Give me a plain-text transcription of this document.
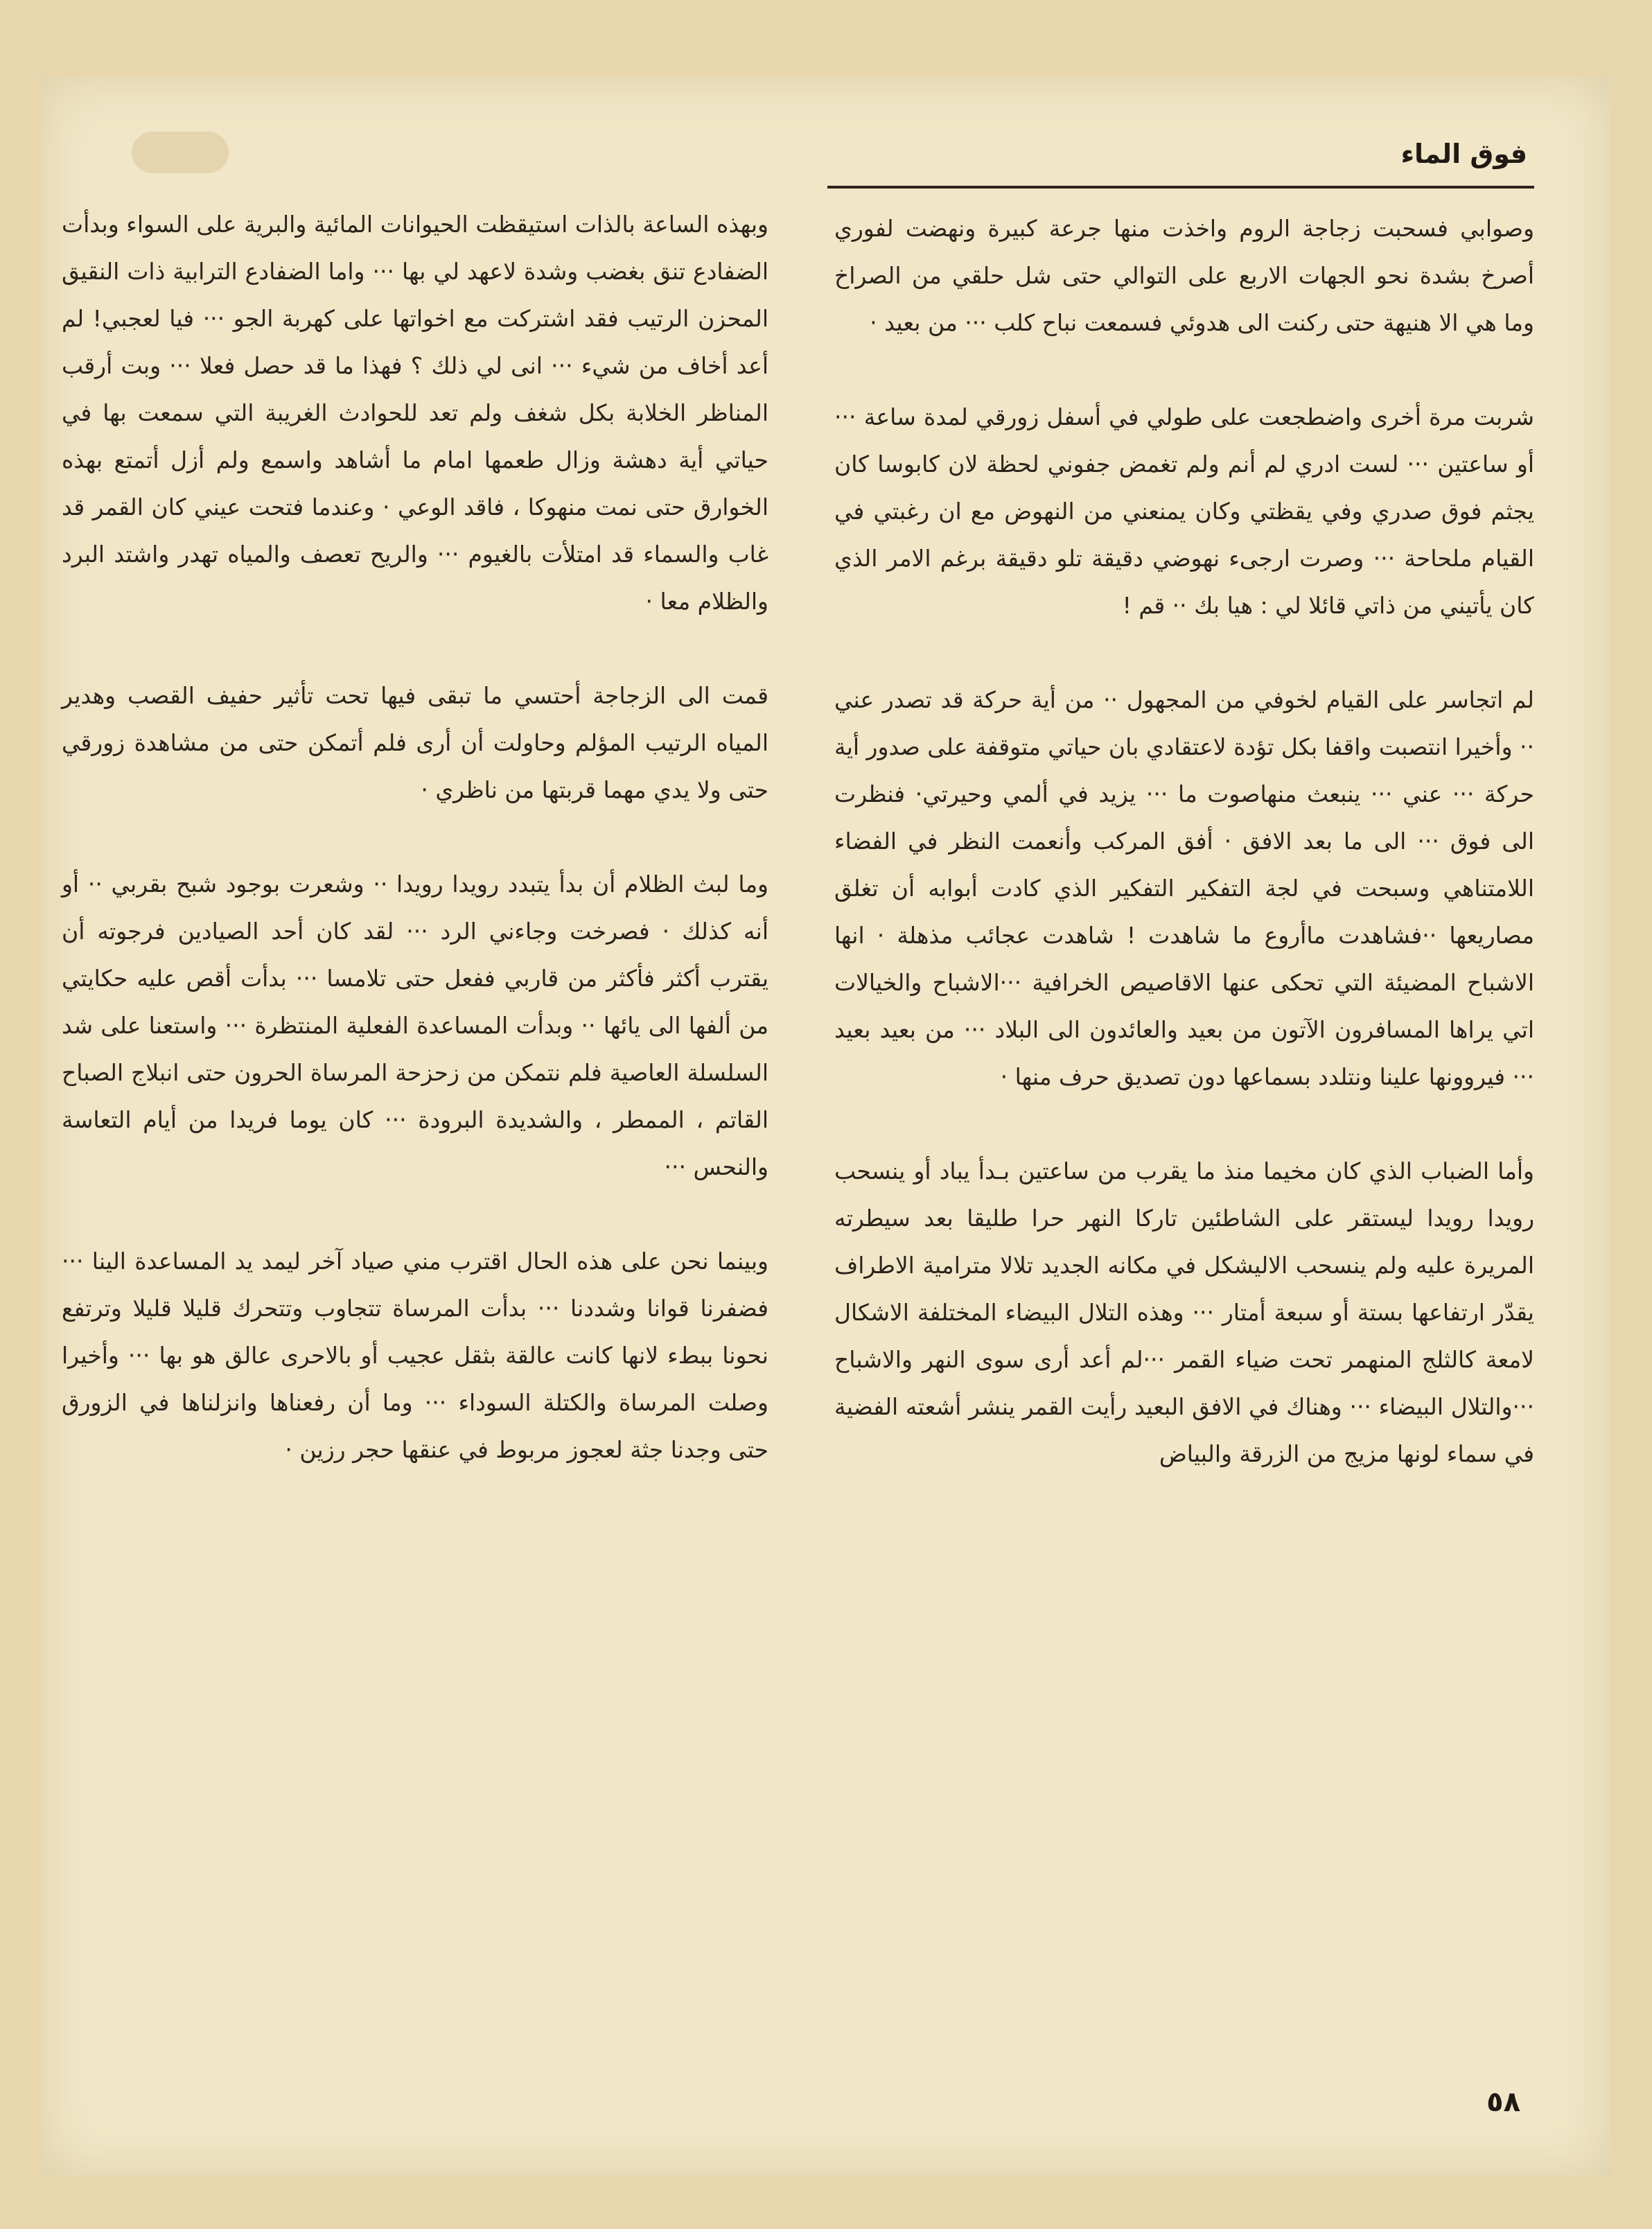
فوق الماء

وصوابي فسحبت زجاجة الروم واخذت منها جرعة كبيرة ونهضت لفوري أصرخ بشدة نحو الجهات الاربع على التوالي حتى شل حلقي من الصراخ وما هي الا هنيهة حتى ركنت الى هدوئي فسمعت نباح كلب ··· من بعيد ·

شربت مرة أخرى واضطجعت على طولي في أسفل زورقي لمدة ساعة ··· أو ساعتين ··· لست ادري لم أنم ولم تغمض جفوني لحظة لان كابوسا كان يجثم فوق صدري وفي يقظتي وكان يمنعني من النهوض مع ان رغبتي في القيام ملحاحة ··· وصرت ارجىء نهوضي دقيقة تلو دقيقة برغم الامر الذي كان يأتيني من ذاتي قائلا لي : هيا بك ·· قم !

لم اتجاسر على القيام لخوفي من المجهول ·· من أية حركة قد تصدر عني ·· وأخيرا انتصبت واقفا بكل تؤدة لاعتقادي بان حياتي متوقفة على صدور أية حركة ··· عني ··· ينبعث منهاصوت ما ··· يزيد في ألمي وحيرتي· فنظرت الى فوق ··· الى ما بعد الافق · أفق المركب وأنعمت النظر في الفضاء اللامتناهي وسبحت في لجة التفكير التفكير الذي كادت أبوابه أن تغلق مصاريعها ··فشاهدت ماأروع ما شاهدت ! شاهدت عجائب مذهلة · انها الاشباح المضيئة التي تحكى عنها الاقاصيص الخرافية ···الاشباح والخيالات اتي يراها المسافرون الآتون من بعيد والعائدون الى البلاد ··· من بعيد بعيد ··· فيروونها علينا ونتلدد بسماعها دون تصديق حرف منها ·

وأما الضباب الذي كان مخيما منذ ما يقرب من ساعتين بـدأ يباد أو ينسحب رويدا رويدا ليستقر على الشاطئين تاركا النهر حرا طليقا بعد سيطرته المريرة عليه ولم ينسحب الاليشكل في مكانه الجديد تلالا مترامية الاطراف يقدّر ارتفاعها بستة أو سبعة أمتار ··· وهذه التلال البيضاء المختلفة الاشكال لامعة كالثلج المنهمر تحت ضياء القمر ···لم أعد أرى سوى النهر والاشباح ···والتلال البيضاء ··· وهناك في الافق البعيد رأيت القمر ينشر أشعته الفضية في سماء لونها مزيج من الزرقة والبياض

وبهذه الساعة بالذات استيقظت الحيوانات المائية والبرية على السواء وبدأت الضفادع تنق بغضب وشدة لاعهد لي بها ··· واما الضفادع الترابية ذات النقيق المحزن الرتيب فقد اشتركت مع اخواتها على كهربة الجو ··· فيا لعجبي! لم أعد أخاف من شيء ··· انى لي ذلك ؟ فهذا ما قد حصل فعلا ··· وبت أرقب المناظر الخلابة بكل شغف ولم تعد للحوادث الغريبة التي سمعت بها في حياتي أية دهشة وزال طعمها امام ما أشاهد واسمع ولم أزل أتمتع بهذه الخوارق حتى نمت منهوكا ، فاقد الوعي · وعندما فتحت عيني كان القمر قد غاب والسماء قد امتلأت بالغيوم ··· والريح تعصف والمياه تهدر واشتد البرد والظلام معا ·

قمت الى الزجاجة أحتسي ما تبقى فيها تحت تأثير حفيف القصب وهدير المياه الرتيب المؤلم وحاولت أن أرى فلم أتمكن حتى من مشاهدة زورقي حتى ولا يدي مهما قربتها من ناظري ·

وما لبث الظلام أن بدأ يتبدد رويدا رويدا ·· وشعرت بوجود شبح بقربي ·· أو أنه كذلك · فصرخت وجاءني الرد ··· لقد كان أحد الصيادين فرجوته أن يقترب أكثر فأكثر من قاربي ففعل حتى تلامسا ··· بدأت أقص عليه حكايتي من ألفها الى يائها ·· وبدأت المساعدة الفعلية المنتظرة ··· واستعنا على شد السلسلة العاصية فلم نتمكن من زحزحة المرساة الحرون حتى انبلاج الصباح القاتم ، الممطر ، والشديدة البرودة ··· كان يوما فريدا من أيام التعاسة والنحس ···

وبينما نحن على هذه الحال اقترب مني صياد آخر ليمد يد المساعدة الينا ··· فضفرنا قوانا وشددنا ··· بدأت المرساة تتجاوب وتتحرك قليلا قليلا وترتفع نحونا ببطء لانها كانت عالقة بثقل عجيب أو بالاحرى عالق هو بها ··· وأخيرا وصلت المرساة والكتلة السوداء ··· وما أن رفعناها وانزلناها في الزورق حتى وجدنا جثة لعجوز مربوط في عنقها حجر رزين ·

٥٨
